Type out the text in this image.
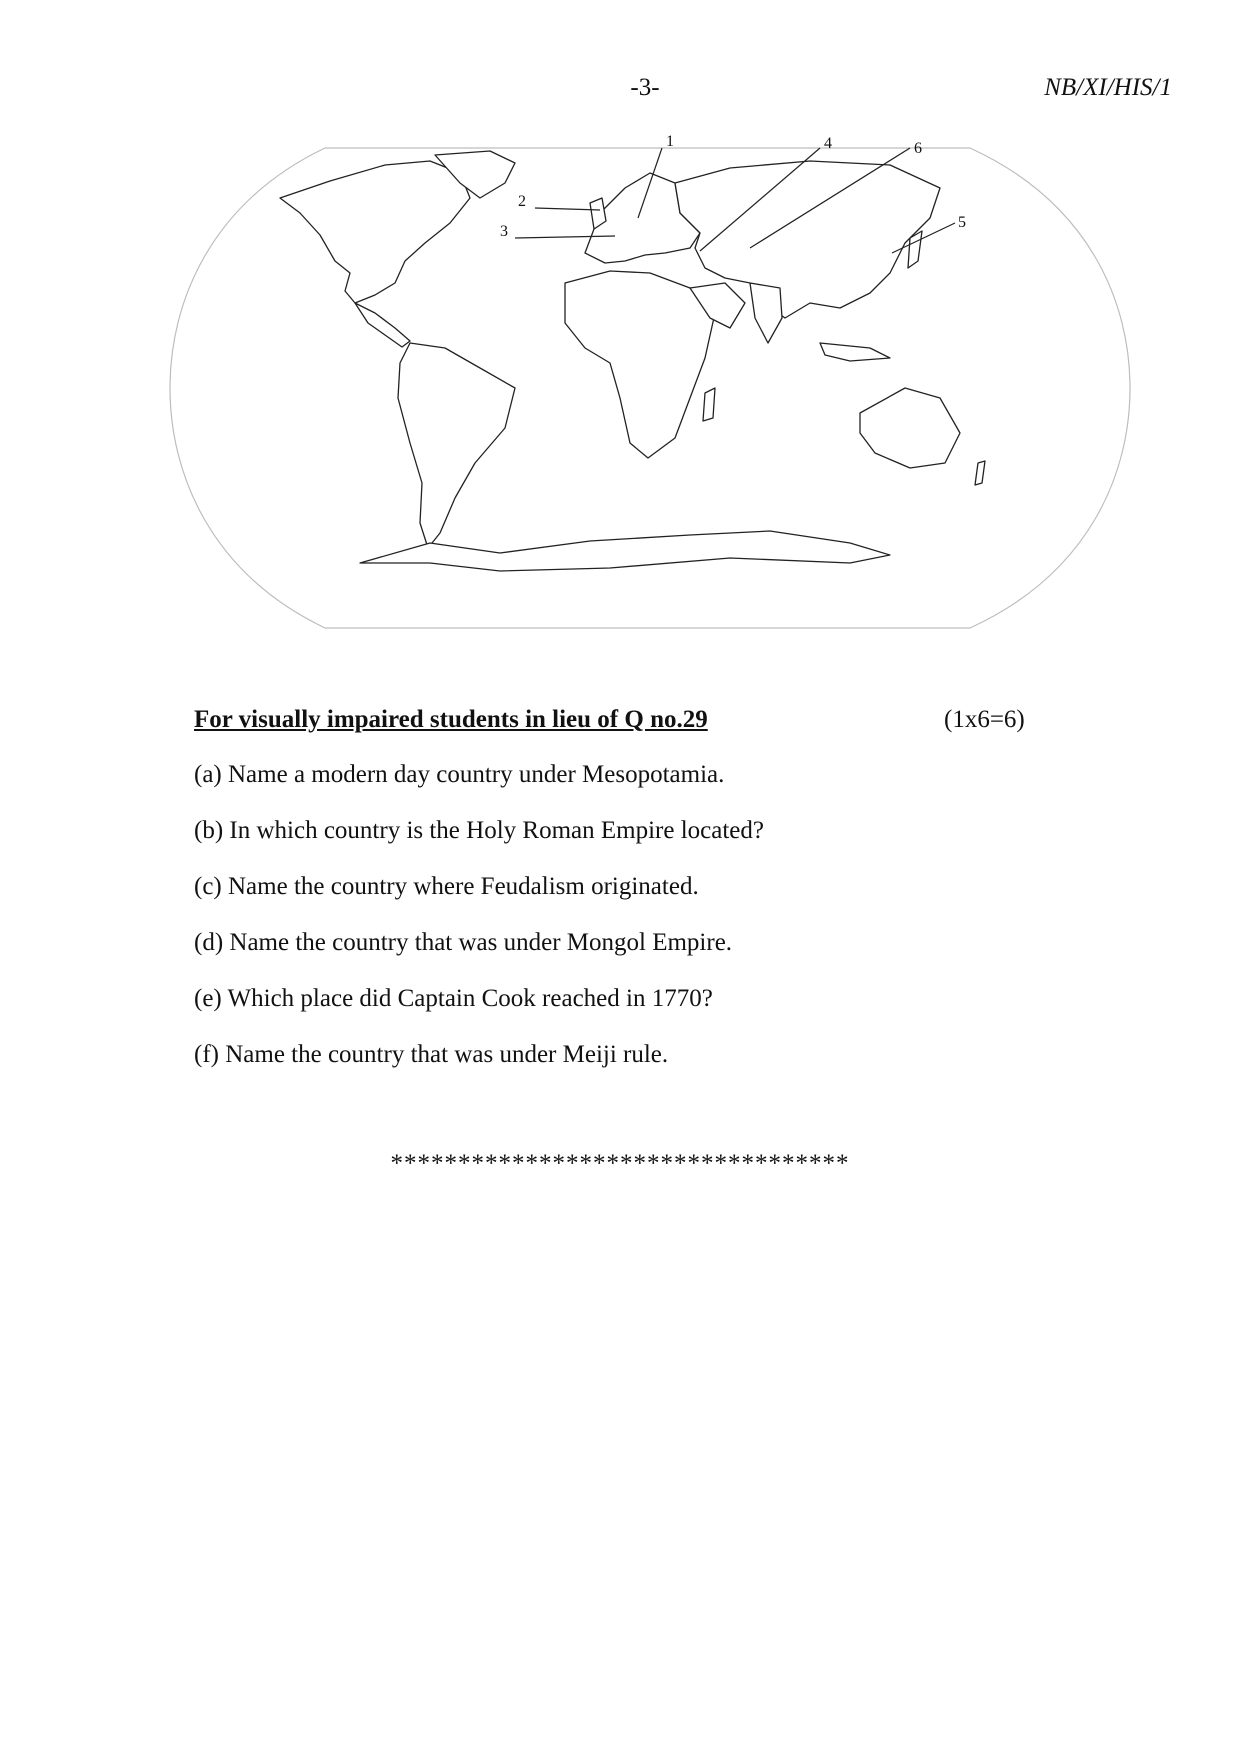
-3-	NB/XI/HIS/1
1
2
3
4
5
6
For visually impaired students in lieu of Q no.29	(1x6=6)
(a) Name a modern day country under Mesopotamia.
(b) In which country is the Holy Roman Empire located?
(c) Name the country where Feudalism originated.
(d) Name the country that was under Mongol Empire.
(e) Which place did Captain Cook reached in 1770?
(f) Name the country that was under Meiji rule.
**********************************
